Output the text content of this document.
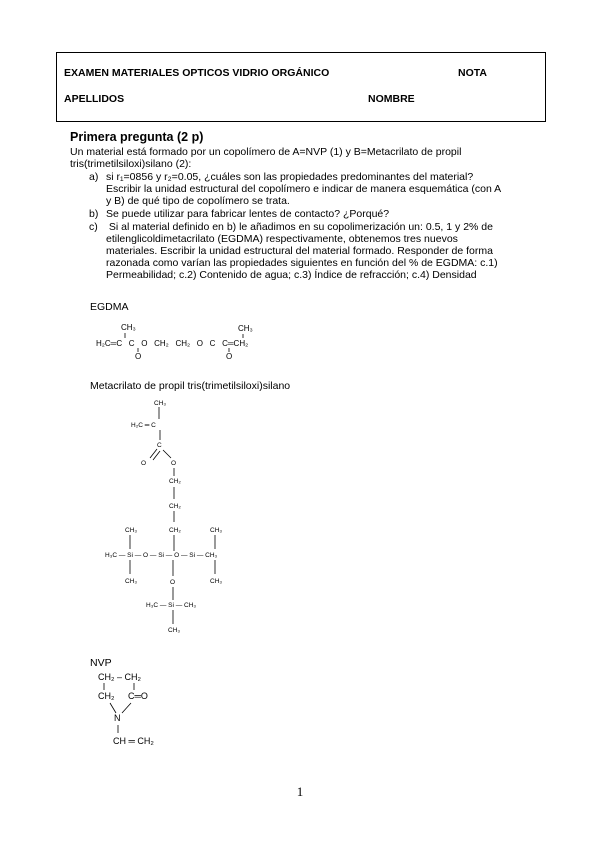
EXAMEN MATERIALES OPTICOS VIDRIO ORGÁNICO	NOTA
APELLIDOS	NOMBRE
Primera pregunta (2 p)
Un material está formado por un copolímero de A=NVP (1) y B=Metacrilato de propil
tris(trimetilsiloxi)silano (2):
a) si r₁=0856 y r₂=0.05, ¿cuáles son las propiedades predominantes del material?
Escribir la unidad estructural del copolímero e indicar de manera esquemática (con A
y B) de qué tipo de copolímero se trata.
b) Se puede utilizar para fabricar lentes de contacto? ¿Porqué?
c) Si al material definido en b) le añadimos en su copolimerización un: 0.5, 1 y 2% de
etilenglicoldimetacrilato (EGDMA) respectivamente, obtenemos tres nuevos
materiales. Escribir la unidad estructural del material formado. Responder de forma
razonada como varían las propiedades siguientes en función del % de EGDMA: c.1)
Permeabilidad; c.2) Contenido de agua; c.3) Índice de refracción; c.4) Densidad
EGDMA
CH₃	CH₃
H₂C═C   C   O   CH₂   CH₂   O   C   C═CH₂
O	O
Metacrilato de propil tris(trimetilsiloxi)silano
CH₃
H₂C ═ C
C
O	O
CH₂
CH₂
CH₂
CH₃	CH₃
H₃C — Si — O — Si — O — Si — CH₃
CH₃	CH₃
O
H₃C — Si — CH₃
CH₃
NVP
CH₂ – CH₂
CH₂ C═O
N
CH ═ CH₂
1
